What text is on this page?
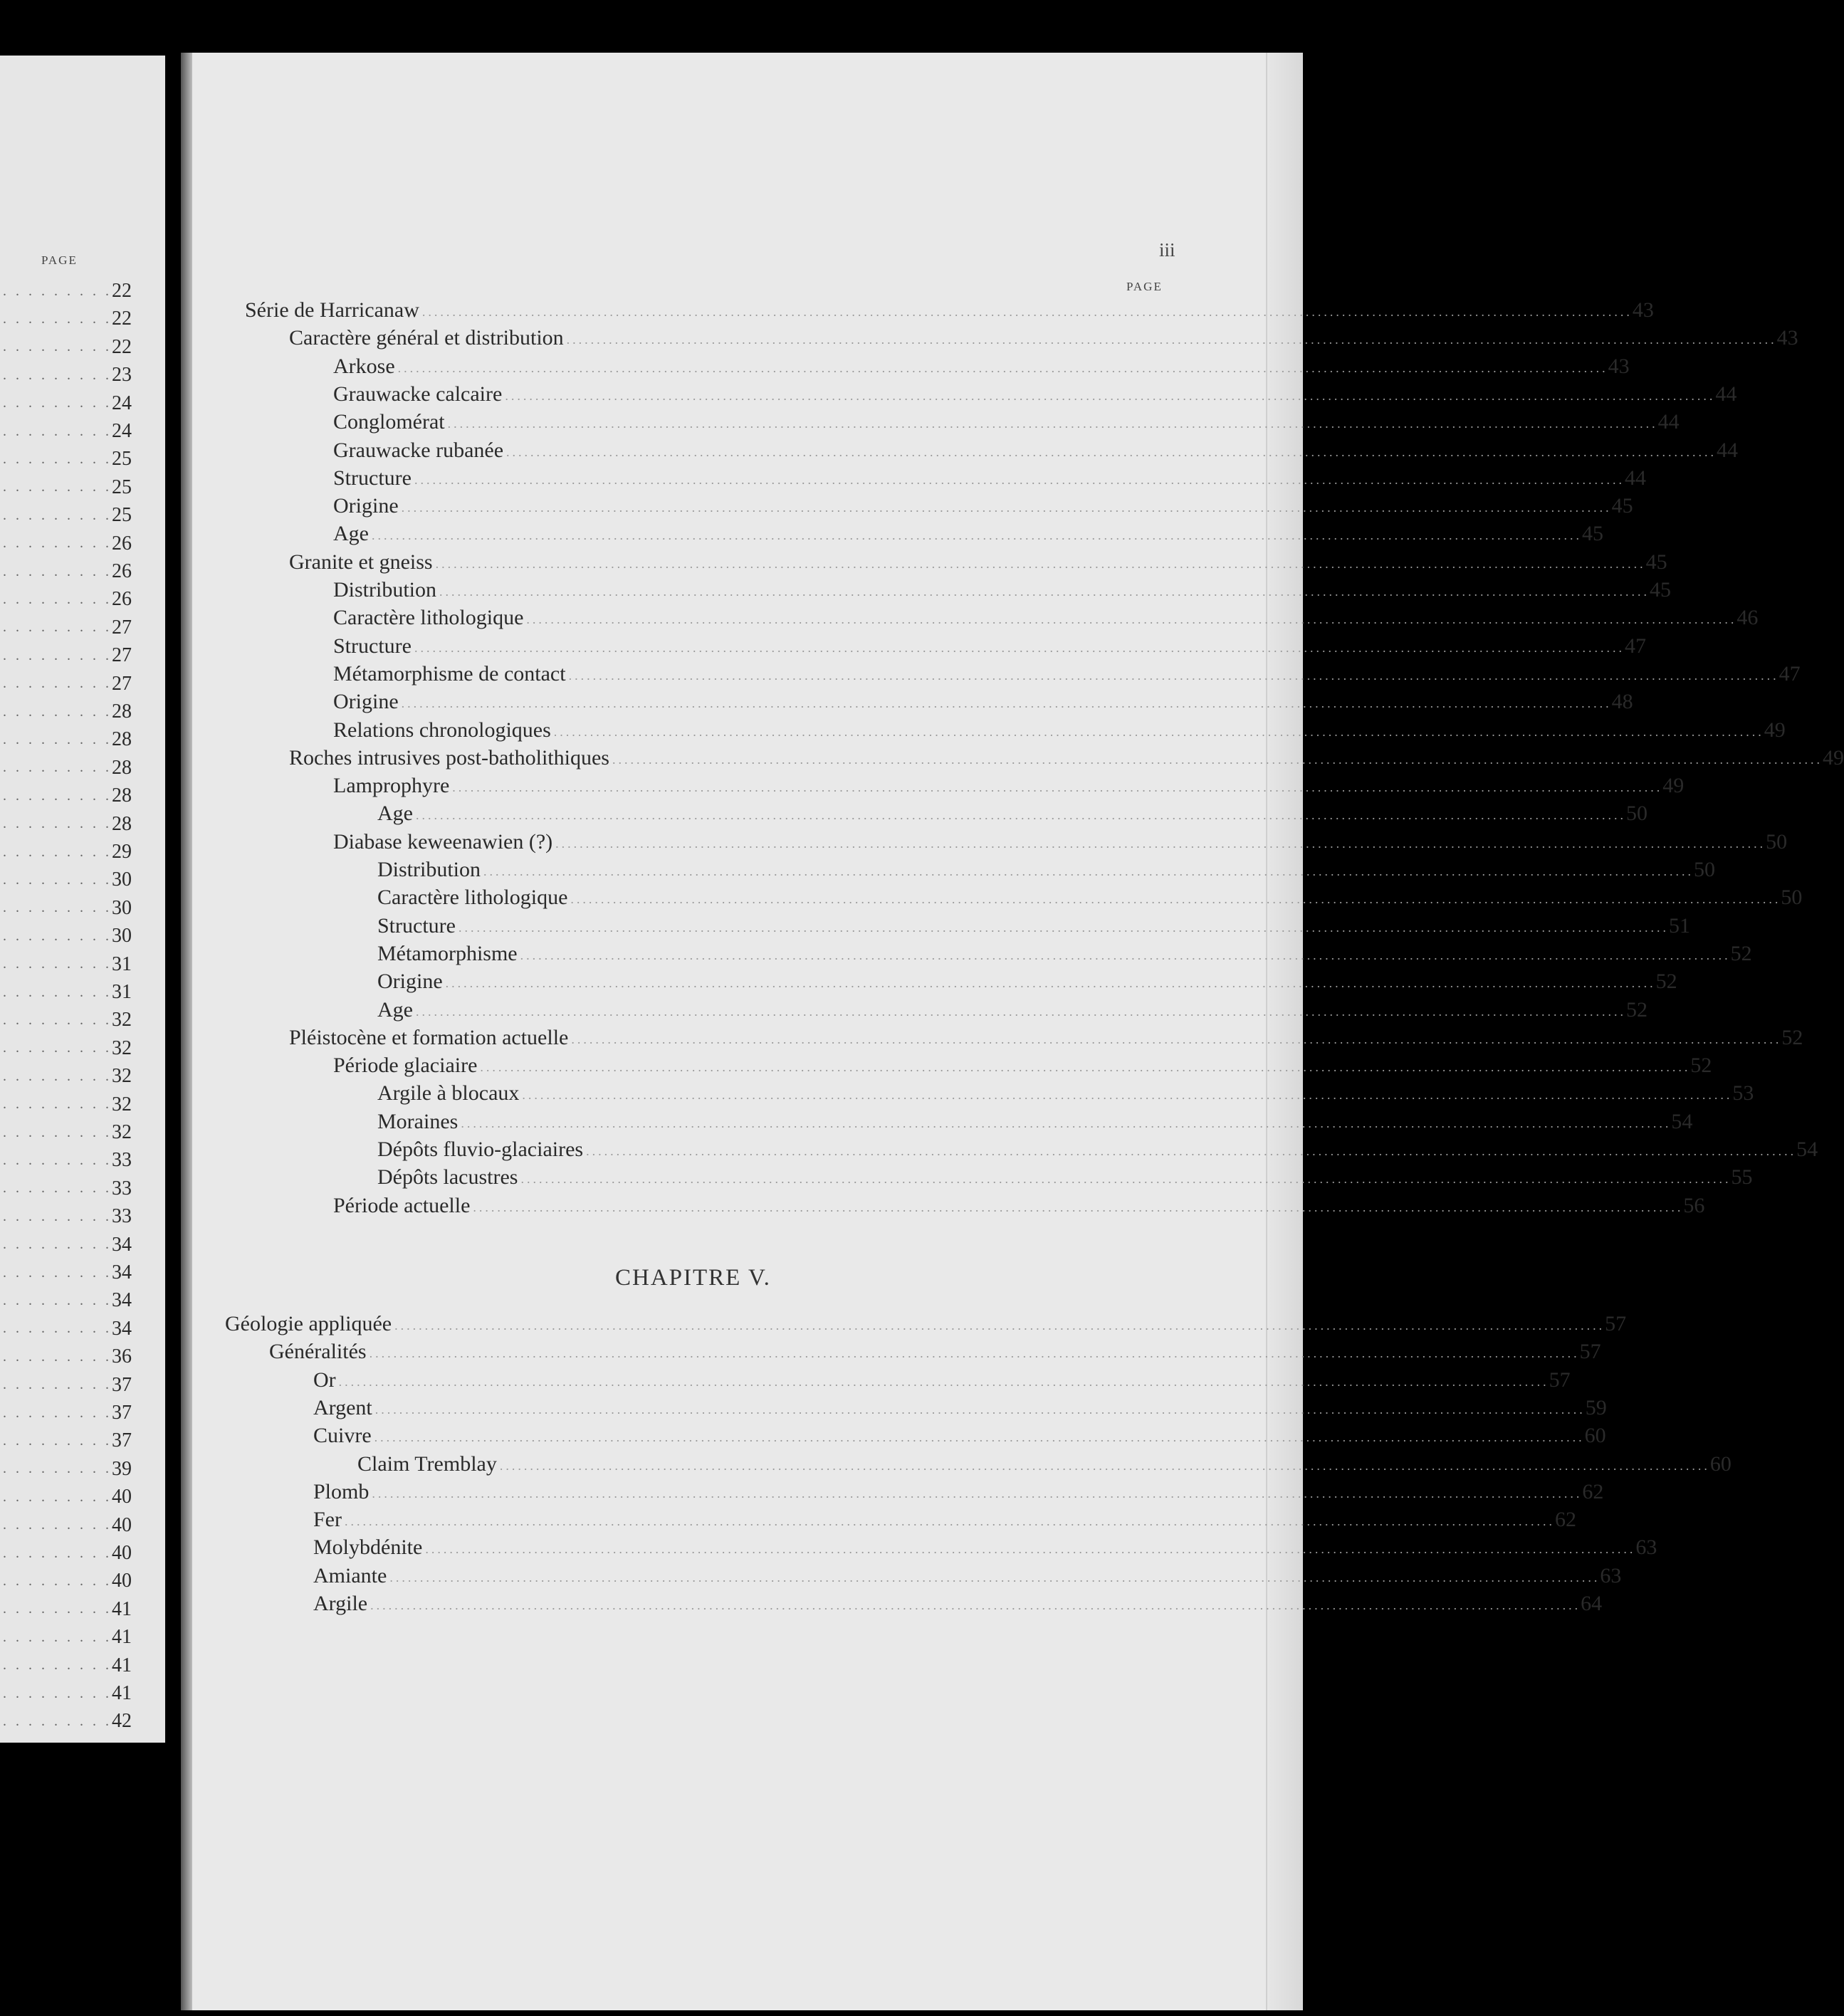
PAGE
. . . . . . . . . 22
. . . . . . . . . 22
. . . . . . . . . 22
. . . . . . . . . 23
. . . . . . . . . 24
. . . . . . . . . 24
. . . . . . . . . 25
. . . . . . . . . 25
. . . . . . . . . 25
. . . . . . . . . 26
. . . . . . . . . 26
. . . . . . . . . 26
. . . . . . . . . 27
. . . . . . . . . 27
. . . . . . . . . 27
. . . . . . . . . 28
. . . . . . . . . 28
. . . . . . . . . 28
. . . . . . . . . 28
. . . . . . . . . 28
. . . . . . . . . 29
. . . . . . . . . 30
. . . . . . . . . 30
. . . . . . . . . 30
. . . . . . . . . 31
. . . . . . . . . 31
. . . . . . . . . 32
. . . . . . . . . 32
. . . . . . . . . 32
. . . . . . . . . 32
. . . . . . . . . 32
. . . . . . . . . 33
. . . . . . . . . 33
. . . . . . . . . 33
. . . . . . . . . 34
. . . . . . . . . 34
. . . . . . . . . 34
. . . . . . . . . 34
. . . . . . . . . 36
. . . . . . . . . 37
. . . . . . . . . 37
. . . . . . . . . 37
. . . . . . . . . 39
. . . . . . . . . 40
. . . . . . . . . 40
. . . . . . . . . 40
. . . . . . . . . 40
. . . . . . . . . 41
. . . . . . . . . 41
. . . . . . . . . 41
. . . . . . . . . 41
. . . . . . . . . 42
iii
PAGE
Série de Harricanaw ........................................................................................................................................................................................................ 43
Caractère général et distribution ........................................................................................................................................................................................................ 43
Arkose ........................................................................................................................................................................................................ 43
Grauwacke calcaire ........................................................................................................................................................................................................ 44
Conglomérat ........................................................................................................................................................................................................ 44
Grauwacke rubanée ........................................................................................................................................................................................................ 44
Structure ........................................................................................................................................................................................................ 44
Origine ........................................................................................................................................................................................................ 45
Age ........................................................................................................................................................................................................ 45
Granite et gneiss ........................................................................................................................................................................................................ 45
Distribution ........................................................................................................................................................................................................ 45
Caractère lithologique ........................................................................................................................................................................................................ 46
Structure ........................................................................................................................................................................................................ 47
Métamorphisme de contact ........................................................................................................................................................................................................ 47
Origine ........................................................................................................................................................................................................ 48
Relations chronologiques ........................................................................................................................................................................................................ 49
Roches intrusives post-batholithiques ........................................................................................................................................................................................................ 49
Lamprophyre ........................................................................................................................................................................................................ 49
Age ........................................................................................................................................................................................................ 50
Diabase keweenawien (?) ........................................................................................................................................................................................................ 50
Distribution ........................................................................................................................................................................................................ 50
Caractère lithologique ........................................................................................................................................................................................................ 50
Structure ........................................................................................................................................................................................................ 51
Métamorphisme ........................................................................................................................................................................................................ 52
Origine ........................................................................................................................................................................................................ 52
Age ........................................................................................................................................................................................................ 52
Pléistocène et formation actuelle ........................................................................................................................................................................................................ 52
Période glaciaire ........................................................................................................................................................................................................ 52
Argile à blocaux ........................................................................................................................................................................................................ 53
Moraines ........................................................................................................................................................................................................ 54
Dépôts fluvio-glaciaires ........................................................................................................................................................................................................ 54
Dépôts lacustres ........................................................................................................................................................................................................ 55
Période actuelle ........................................................................................................................................................................................................ 56
CHAPITRE V.
Géologie appliquée ........................................................................................................................................................................................................ 57
Généralités ........................................................................................................................................................................................................ 57
Or ........................................................................................................................................................................................................ 57
Argent ........................................................................................................................................................................................................ 59
Cuivre ........................................................................................................................................................................................................ 60
Claim Tremblay ........................................................................................................................................................................................................ 60
Plomb ........................................................................................................................................................................................................ 62
Fer ........................................................................................................................................................................................................ 62
Molybdénite ........................................................................................................................................................................................................ 63
Amiante ........................................................................................................................................................................................................ 63
Argile ........................................................................................................................................................................................................ 64
